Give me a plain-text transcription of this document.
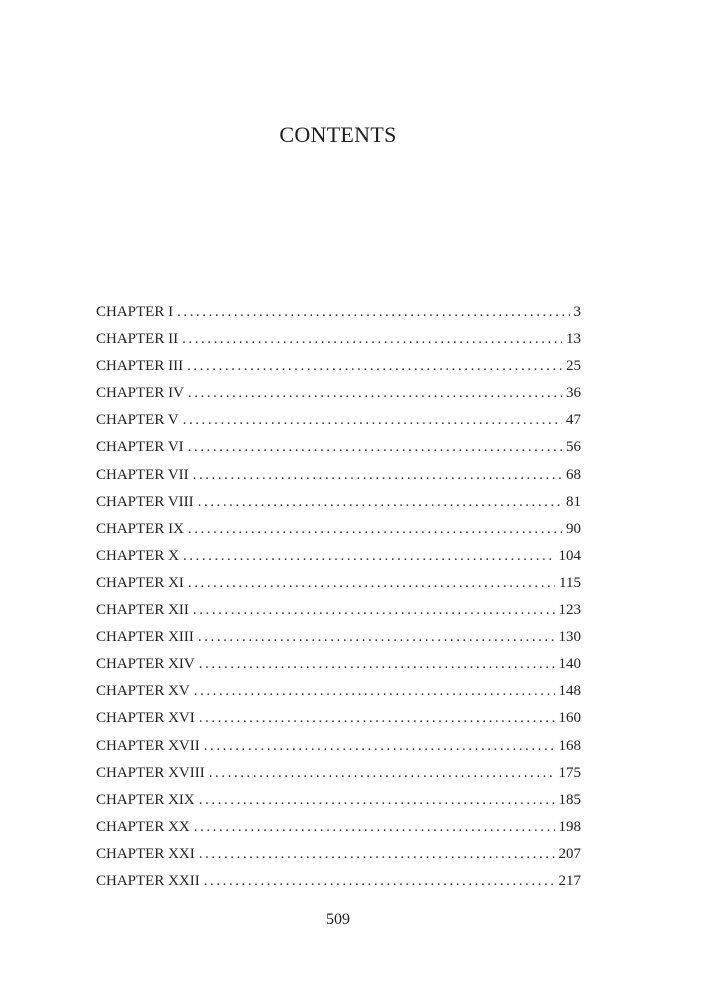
CONTENTS
CHAPTER I . . .	3
CHAPTER II . . .	13
CHAPTER III . . .	25
CHAPTER IV . . .	36
CHAPTER V . . .	47
CHAPTER VI . . .	56
CHAPTER VII . . .	68
CHAPTER VIII . . .	81
CHAPTER IX . . .	90
CHAPTER X . . .	104
CHAPTER XI . . .	115
CHAPTER XII . . .	123
CHAPTER XIII . . .	130
CHAPTER XIV . . .	140
CHAPTER XV . . .	148
CHAPTER XVI . . .	160
CHAPTER XVII . . .	168
CHAPTER XVIII . . .	175
CHAPTER XIX . . .	185
CHAPTER XX . . .	198
CHAPTER XXI . . .	207
CHAPTER XXII . . .	217
509
